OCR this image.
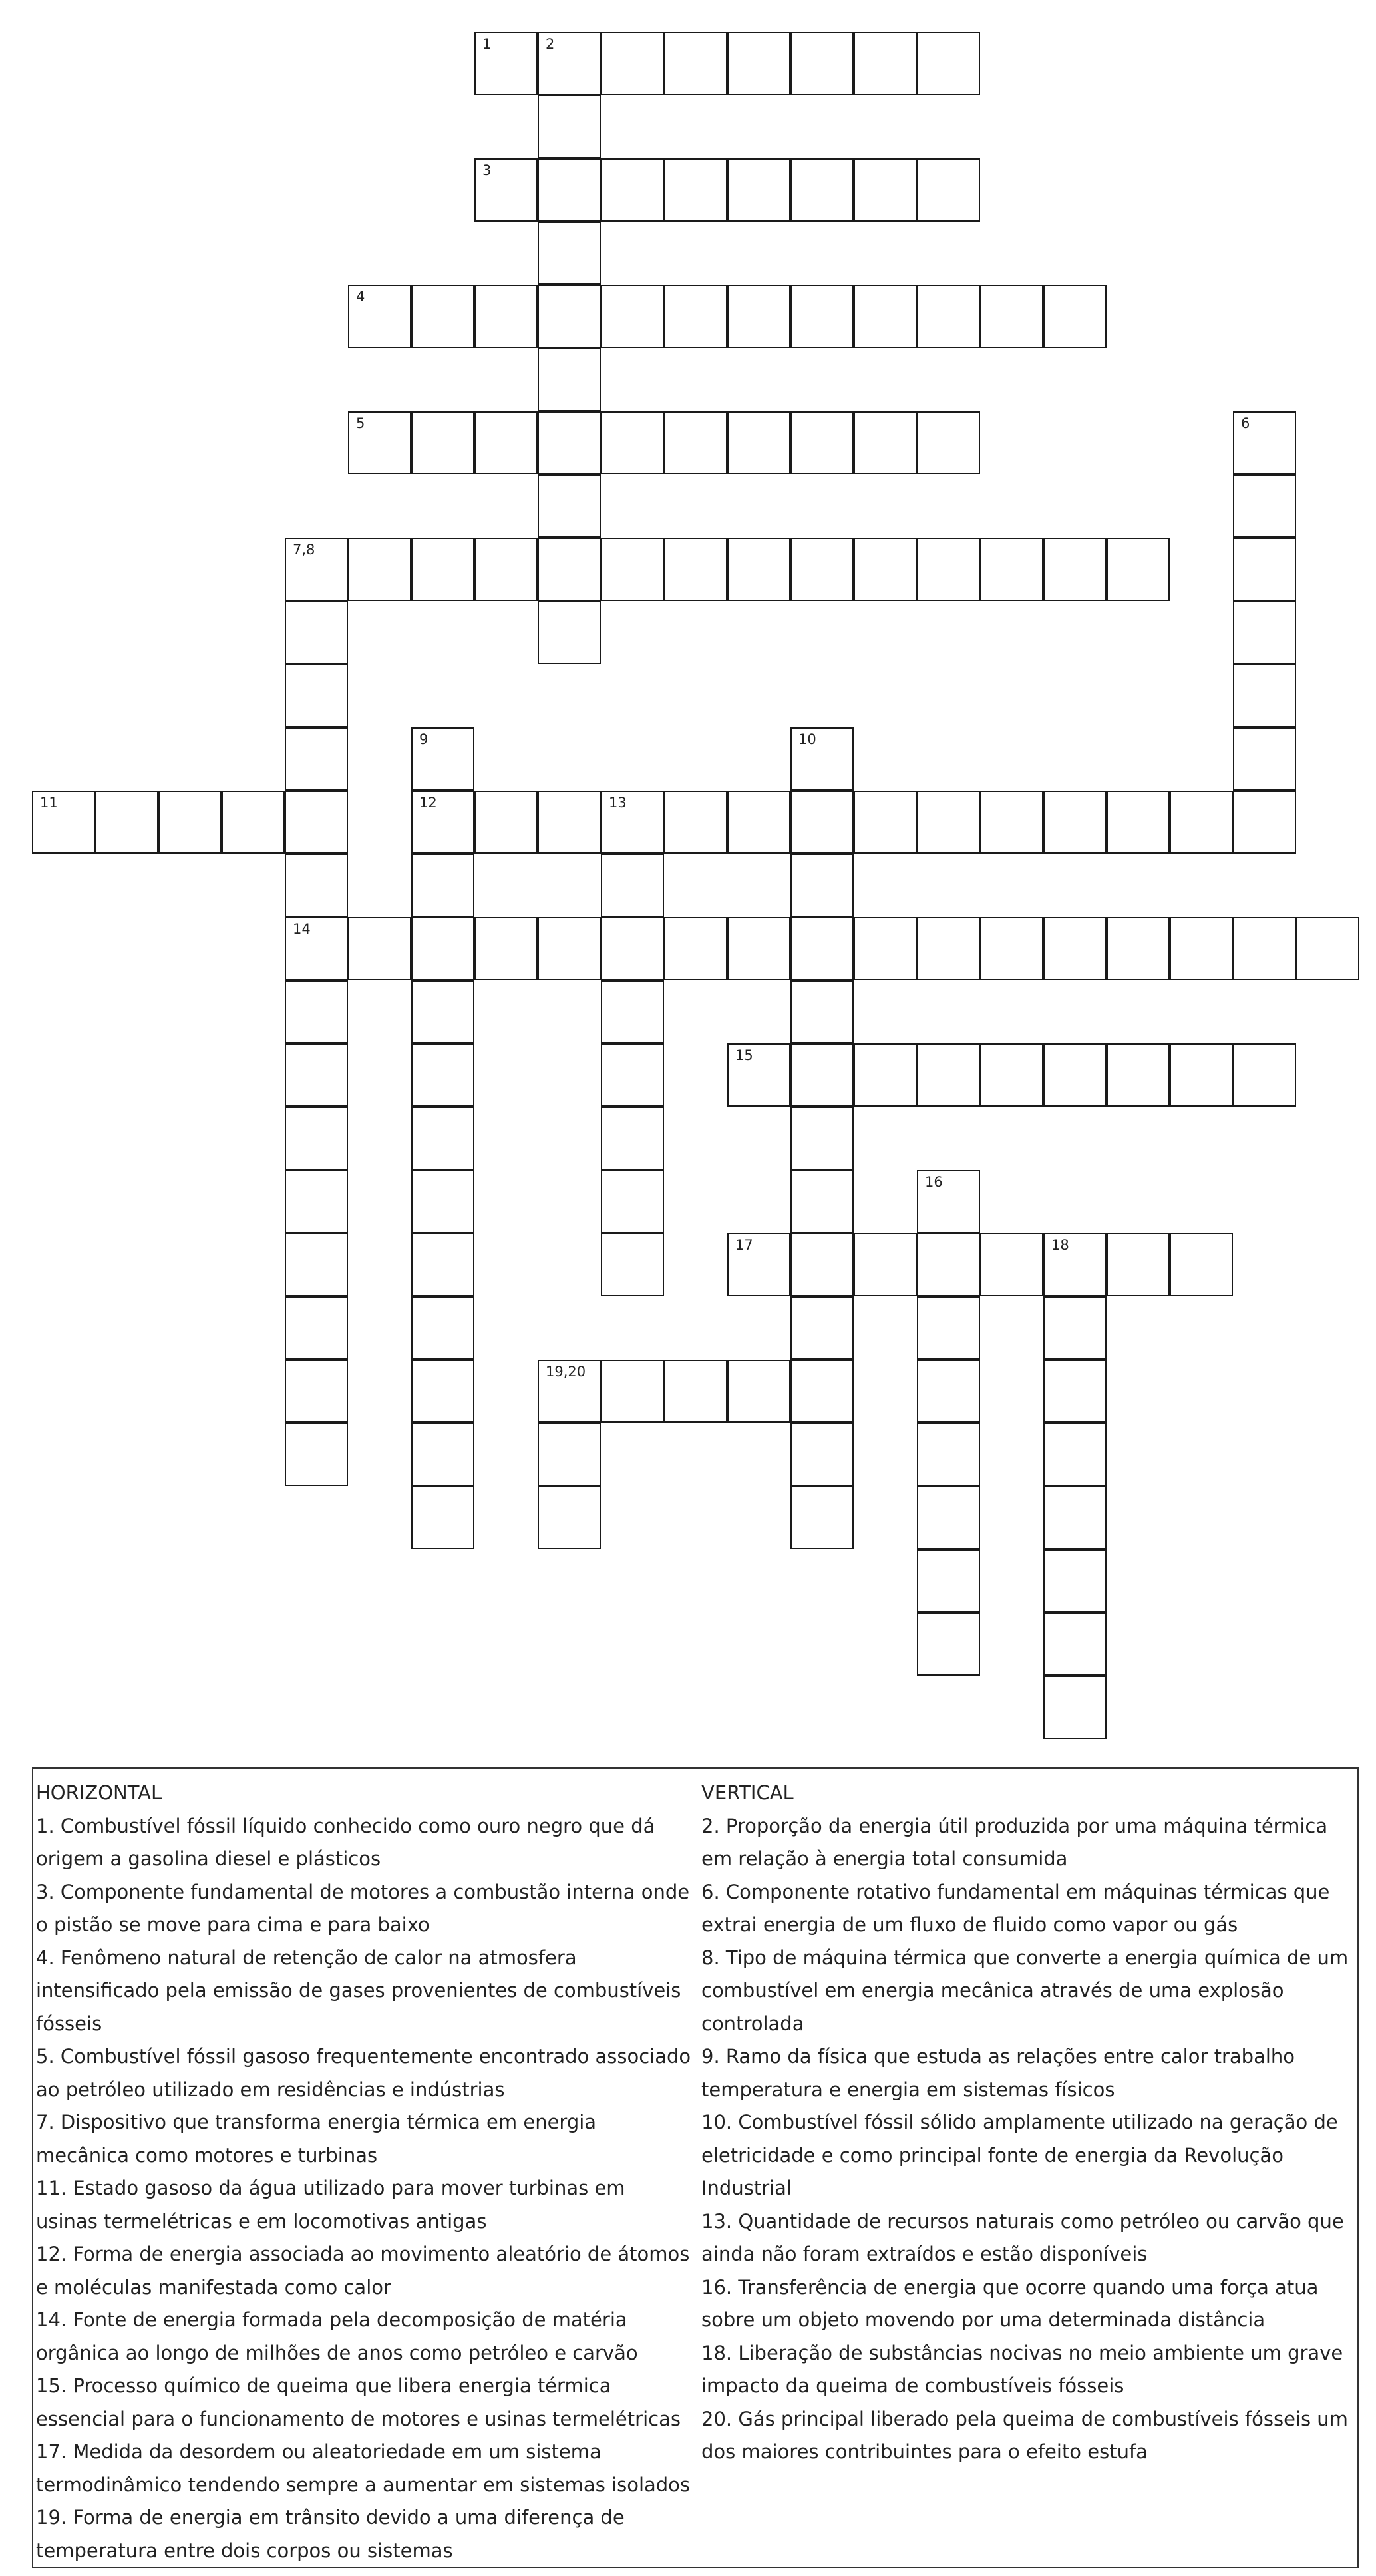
1	2
3
4
5	6
7,8
9	10
11	12	13
14
15
16
17	18
19,20
HORIZONTAL
1. Combustível fóssil líquido conhecido como ouro negro que dá origem a gasolina diesel e plásticos
3. Componente fundamental de motores a combustão interna onde o pistão se move para cima e para baixo
4. Fenômeno natural de retenção de calor na atmosfera intensificado pela emissão de gases provenientes de combustíveis fósseis
5. Combustível fóssil gasoso frequentemente encontrado associado ao petróleo utilizado em residências e indústrias
7. Dispositivo que transforma energia térmica em energia mecânica como motores e turbinas
11. Estado gasoso da água utilizado para mover turbinas em usinas termelétricas e em locomotivas antigas
12. Forma de energia associada ao movimento aleatório de átomos e moléculas manifestada como calor
14. Fonte de energia formada pela decomposição de matéria orgânica ao longo de milhões de anos como petróleo e carvão
15. Processo químico de queima que libera energia térmica essencial para o funcionamento de motores e usinas termelétricas
17. Medida da desordem ou aleatoriedade em um sistema termodinâmico tendendo sempre a aumentar em sistemas isolados
19. Forma de energia em trânsito devido a uma diferença de temperatura entre dois corpos ou sistemas
VERTICAL
2. Proporção da energia útil produzida por uma máquina térmica em relação à energia total consumida
6. Componente rotativo fundamental em máquinas térmicas que extrai energia de um fluxo de fluido como vapor ou gás
8. Tipo de máquina térmica que converte a energia química de um combustível em energia mecânica através de uma explosão controlada
9. Ramo da física que estuda as relações entre calor trabalho temperatura e energia em sistemas físicos
10. Combustível fóssil sólido amplamente utilizado na geração de eletricidade e como principal fonte de energia da Revolução Industrial
13. Quantidade de recursos naturais como petróleo ou carvão que ainda não foram extraídos e estão disponíveis
16. Transferência de energia que ocorre quando uma força atua sobre um objeto movendo por uma determinada distância
18. Liberação de substâncias nocivas no meio ambiente um grave impacto da queima de combustíveis fósseis
20. Gás principal liberado pela queima de combustíveis fósseis um dos maiores contribuintes para o efeito estufa
